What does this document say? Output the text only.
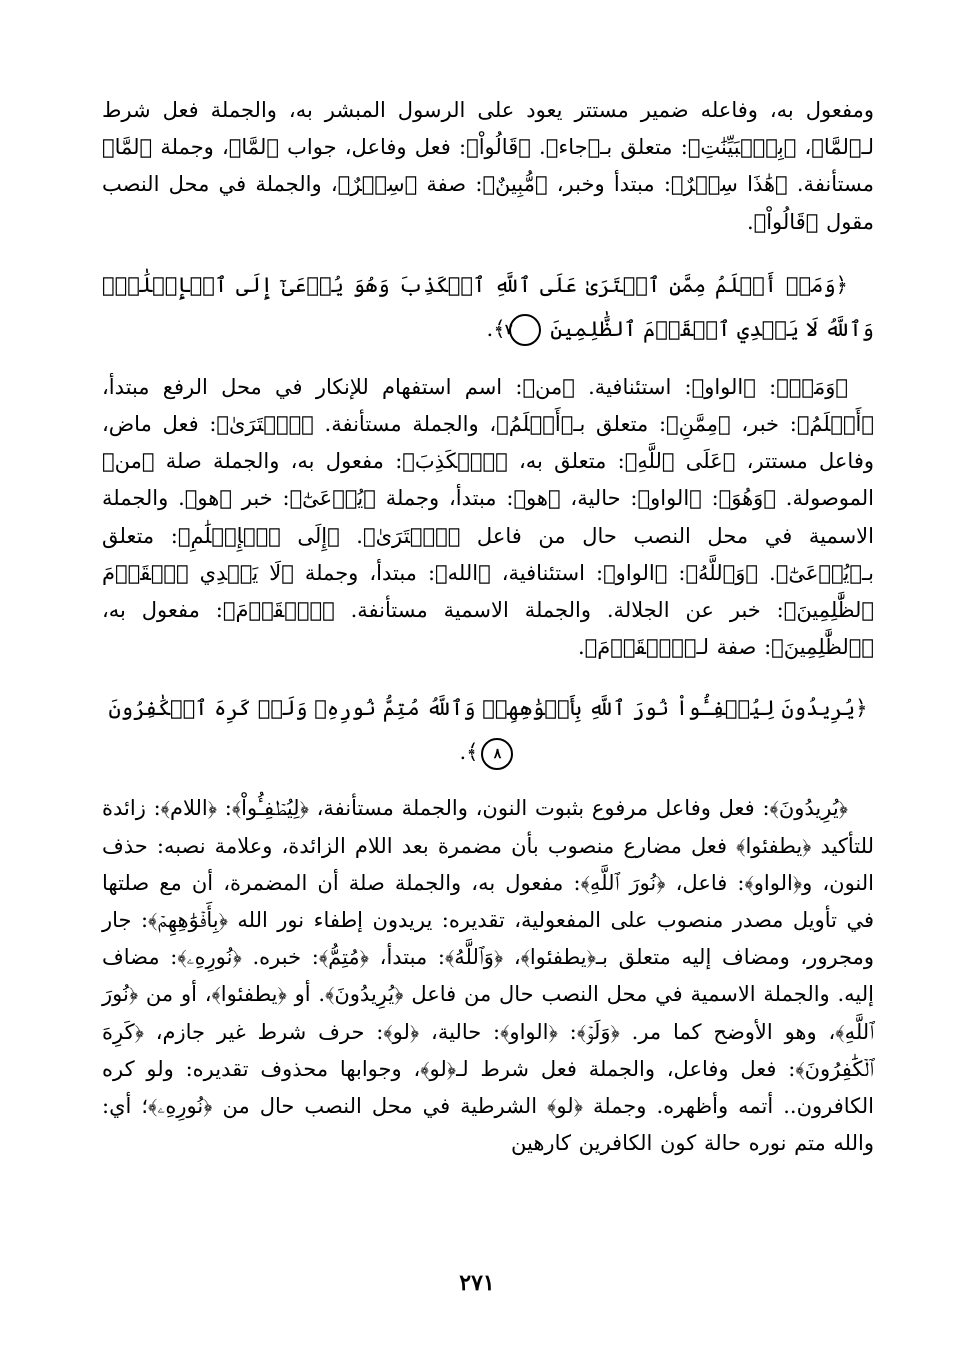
ومفعول به، وفاعله ضمير مستتر يعود على الرسول المبشر به، والجملة فعل شرط لـ﴿لمَّا﴾، ﴿بِٱلۡبَيِّنَٰتِ﴾: متعلق بـ﴿جاء﴾. ﴿قَالُواْ﴾: فعل وفاعل، جواب ﴿لمَّا﴾، وجملة ﴿لمَّا﴾ مستأنفة. ﴿هَٰذَا سِحۡرٌ﴾: مبتدأ وخبر، ﴿مُّبِينٌ﴾: صفة ﴿سِحۡرٌ﴾، والجملة في محل النصب مقول ﴿قَالُواْ﴾.

﴿وَمَنۡ أَظۡلَمُ مِمَّنِ ٱفۡتَرَىٰ عَلَى ٱللَّهِ ٱلۡكَذِبَ وَهُوَ يُدۡعَىٰٓ إِلَى ٱلۡإِسۡلَٰمِۚ وَٱللَّهُ لَا يَهۡدِي ٱلۡقَوۡمَ ٱلظَّٰلِمِينَ ٧﴾.

﴿وَمَنۡ﴾: ﴿الواو﴾: استئنافية. ﴿من﴾: اسم استفهام للإنكار في محل الرفع مبتدأ، ﴿أَظۡلَمُ﴾: خبر، ﴿مِمَّنِ﴾: متعلق بـ﴿أَظۡلَمُ﴾، والجملة مستأنفة. ﴿ٱفۡتَرَىٰ﴾: فعل ماض، وفاعل مستتر، ﴿عَلَى ٱللَّهِ﴾: متعلق به، ﴿ٱلۡكَذِبَ﴾: مفعول به، والجملة صلة ﴿من﴾ الموصولة. ﴿وَهُوَ﴾: ﴿الواو﴾: حالية، ﴿هو﴾: مبتدأ، وجملة ﴿يُدۡعَىٰٓ﴾: خبر ﴿هو﴾. والجملة الاسمية في محل النصب حال من فاعل ﴿ٱفۡتَرَىٰ﴾. ﴿إِلَى ٱلۡإِسۡلَٰمِ﴾: متعلق بـ﴿يُدۡعَىٰٓ﴾. ﴿وَٱللَّهُ﴾: ﴿الواو﴾: استئنافية، ﴿الله﴾: مبتدأ، وجملة ﴿لَا يَهۡدِي ٱلۡقَوۡمَ ٱلظَّٰلِمِينَ﴾: خبر عن الجلالة. والجملة الاسمية مستأنفة. ﴿ٱلۡقَوۡمَ﴾: مفعول به، ﴿ٱلظَّٰلِمِينَ﴾: صفة لـ﴿ٱلۡقَوۡمَ﴾.

﴿يُرِيدُونَ لِيُطۡفِـُٔواْ نُورَ ٱللَّهِ بِأَفۡوَٰهِهِمۡ وَٱللَّهُ مُتِمُّ نُورِهِۦ وَلَوۡ كَرِهَ ٱلۡكَٰفِرُونَ ٨﴾.

﴿يُرِيدُونَ﴾: فعل وفاعل مرفوع بثبوت النون، والجملة مستأنفة، ﴿لِيُطۡفِـُٔواْ﴾: ﴿اللام﴾: زائدة للتأكيد ﴿يطفئوا﴾ فعل مضارع منصوب بأن مضمرة بعد اللام الزائدة، وعلامة نصبه: حذف النون، و﴿الواو﴾: فاعل، ﴿نُورَ ٱللَّهِ﴾: مفعول به، والجملة صلة أن المضمرة، أن مع صلتها في تأويل مصدر منصوب على المفعولية، تقديره: يريدون إطفاء نور الله ﴿بِأَفۡوَٰهِهِمۡ﴾: جار ومجرور، ومضاف إليه متعلق بـ﴿يطفئوا﴾، ﴿وَٱللَّهُ﴾: مبتدأ، ﴿مُتِمُّ﴾: خبره. ﴿نُورِهِۦ﴾: مضاف إليه. والجملة الاسمية في محل النصب حال من فاعل ﴿يُرِيدُونَ﴾. أو ﴿يطفئوا﴾، أو من ﴿نُورَ ٱللَّهِ﴾، وهو الأوضح كما مر. ﴿وَلَوۡ﴾: ﴿الواو﴾: حالية، ﴿لو﴾: حرف شرط غير جازم، ﴿كَرِهَ ٱلۡكَٰفِرُونَ﴾: فعل وفاعل، والجملة فعل شرط لـ﴿لو﴾، وجوابها محذوف تقديره: ولو كره الكافرون.. أتمه وأظهره. وجملة ﴿لو﴾ الشرطية في محل النصب حال من ﴿نُورِهِۦ﴾؛ أي: والله متم نوره حالة كون الكافرين كارهين

٢٧١
